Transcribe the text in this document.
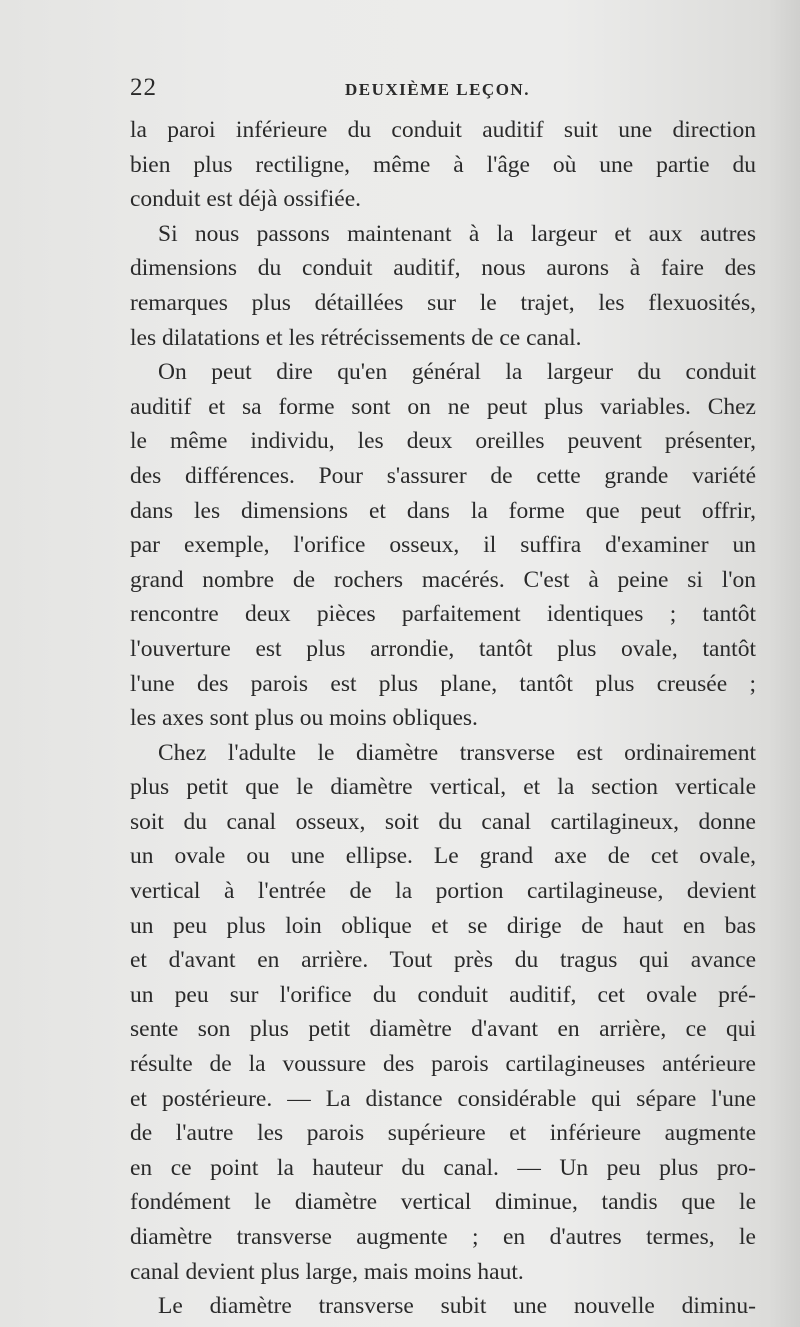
22	DEUXIÈME LEÇON.
la paroi inférieure du conduit auditif suit une direction
bien plus rectiligne, même à l'âge où une partie du
conduit est déjà ossifiée.
Si nous passons maintenant à la largeur et aux autres
dimensions du conduit auditif, nous aurons à faire des
remarques plus détaillées sur le trajet, les flexuosités,
les dilatations et les rétrécissements de ce canal.
On peut dire qu'en général la largeur du conduit
auditif et sa forme sont on ne peut plus variables. Chez
le même individu, les deux oreilles peuvent présenter,
des différences. Pour s'assurer de cette grande variété
dans les dimensions et dans la forme que peut offrir,
par exemple, l'orifice osseux, il suffira d'examiner un
grand nombre de rochers macérés. C'est à peine si l'on
rencontre deux pièces parfaitement identiques ; tantôt
l'ouverture est plus arrondie, tantôt plus ovale, tantôt
l'une des parois est plus plane, tantôt plus creusée ;
les axes sont plus ou moins obliques.
Chez l'adulte le diamètre transverse est ordinairement
plus petit que le diamètre vertical, et la section verticale
soit du canal osseux, soit du canal cartilagineux, donne
un ovale ou une ellipse. Le grand axe de cet ovale,
vertical à l'entrée de la portion cartilagineuse, devient
un peu plus loin oblique et se dirige de haut en bas
et d'avant en arrière. Tout près du tragus qui avance
un peu sur l'orifice du conduit auditif, cet ovale pré-
sente son plus petit diamètre d'avant en arrière, ce qui
résulte de la voussure des parois cartilagineuses antérieure
et postérieure. — La distance considérable qui sépare l'une
de l'autre les parois supérieure et inférieure augmente
en ce point la hauteur du canal. — Un peu plus pro-
fondément le diamètre vertical diminue, tandis que le
diamètre transverse augmente ; en d'autres termes, le
canal devient plus large, mais moins haut.
Le diamètre transverse subit une nouvelle diminu-
